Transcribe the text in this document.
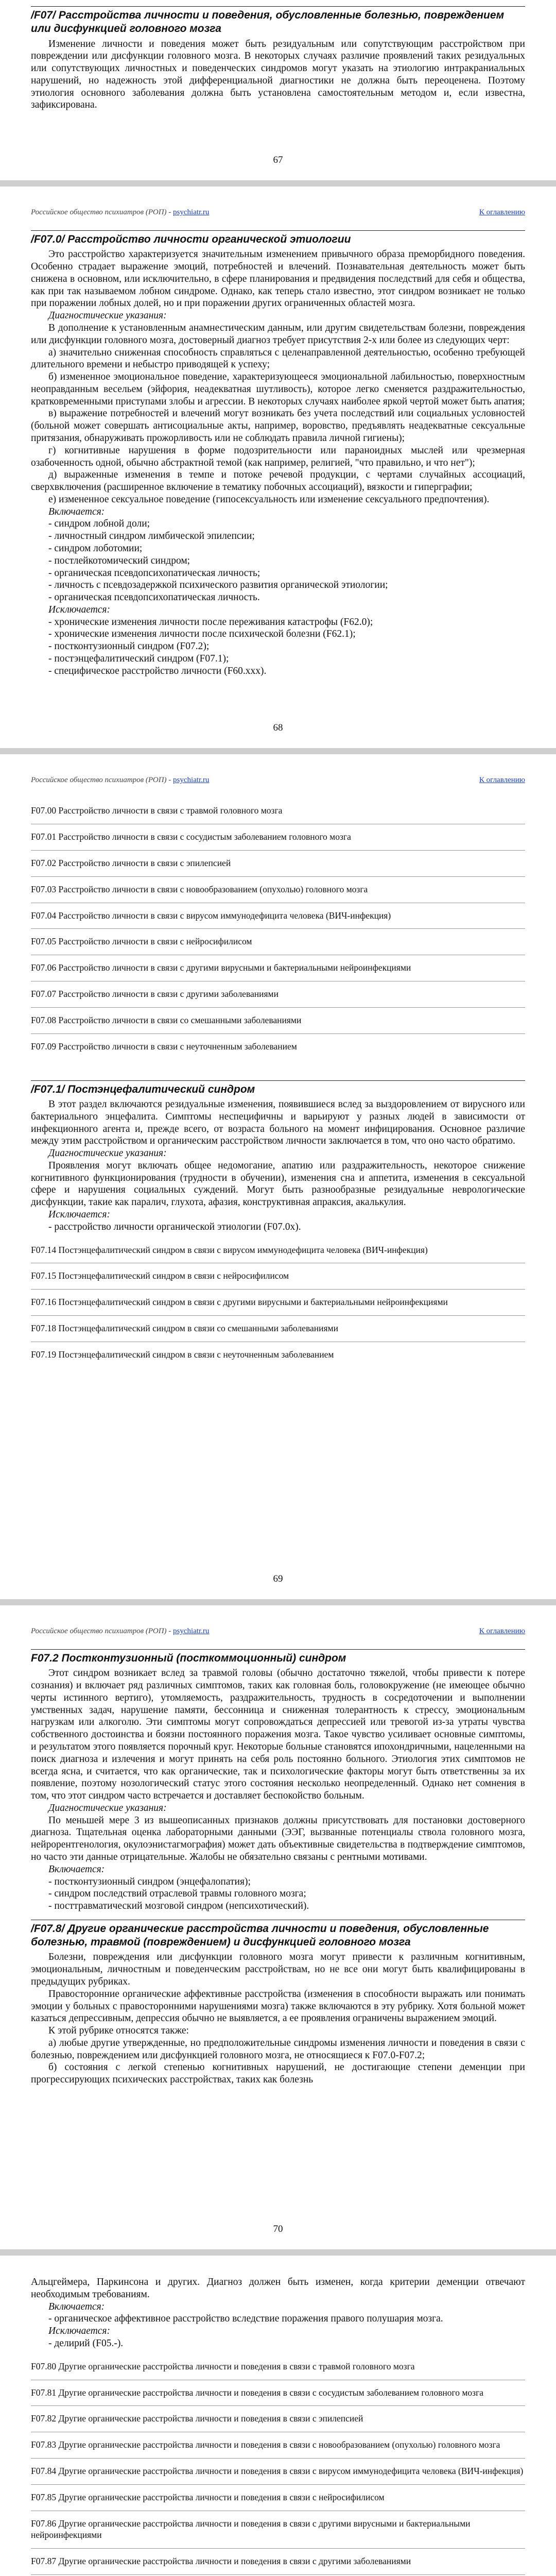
/F07/ Расстройства личности и поведения, обусловленные болезнью, повреждением или дисфункцией головного мозга

Изменение личности и поведения может быть резидуальным или сопутствующим расстройством при повреждении или дисфункции головного мозга. В некоторых случаях различие проявлений таких резидуальных или сопутствующих личностных и поведенческих синдромов могут указать на этиологию интракраниальных нарушений, но надежность этой дифференциальной диагностики не должна быть переоценена. Поэтому этиология основного заболевания должна быть установлена самостоятельным методом и, если известна, зафиксирована.

67
Российское общество психиатров (РОП) - psychiatr.ru	К оглавлению
/F07.0/ Расстройство личности органической этиологии

Это расстройство характеризуется значительным изменением привычного образа преморбидного поведения. Особенно страдает выражение эмоций, потребностей и влечений. Познавательная деятельность может быть снижена в основном, или исключительно, в сфере планирования и предвидения последствий для себя и общества, как при так называемом лобном синдроме. Однако, как теперь стало известно, этот синдром возникает не только при поражении лобных долей, но и при поражении других ограниченных областей мозга.

Диагностические указания:

В дополнение к установленным анамнестическим данным, или другим свидетельствам болезни, повреждения или дисфункции головного мозга, достоверный диагноз требует присутствия 2-х или более из следующих черт:

а) значительно сниженная способность справляться с целенаправленной деятельностью, особенно требующей длительного времени и небыстро приводящей к успеху;

б) измененное эмоциональное поведение, характеризующееся эмоциональной лабильностью, поверхностным неоправданным весельем (эйфория, неадекватная шутливость), которое легко сменяется раздражительностью, кратковременными приступами злобы и агрессии. В некоторых случаях наиболее яркой чертой может быть апатия;

в) выражение потребностей и влечений могут возникать без учета последствий или социальных условностей (больной может совершать антисоциальные акты, например, воровство, предъявлять неадекватные сексуальные притязания, обнаруживать прожорливость или не соблюдать правила личной гигиены);

г) когнитивные нарушения в форме подозрительности или параноидных мыслей или чрезмерная озабоченность одной, обычно абстрактной темой (как например, религией, "что правильно, и что нет");

д) выраженные изменения в темпе и потоке речевой продукции, с чертами случайных ассоциаций, сверхвключения (расширенное включение в тематику побочных ассоциаций), вязкости и гиперграфии;

е) измененное сексуальное поведение (гипосексуальность или изменение сексуального предпочтения).

Включается:

- синдром лобной доли;

- личностный синдром лимбической эпилепсии;

- синдром лоботомии;

- постлейкотомический синдром;

- органическая псевдопсихопатическая личность;

- личность с псевдозадержкой психического развития органической этиологии;

- органическая псевдопсихопатическая личность.

Исключается:

- хронические изменения личности после переживания катастрофы (F62.0);

- хронические изменения личности после психической болезни (F62.1);

- постконтузионный синдром (F07.2);

- постэнцефалитический синдром (F07.1);

- специфическое расстройство личности (F60.xxx).

68
Российское общество психиатров (РОП) - psychiatr.ru	К оглавлению

F07.00 Расстройство личности в связи с травмой головного мозга

F07.01 Расстройство личности в связи с сосудистым заболеванием головного мозга

F07.02 Расстройство личности в связи с эпилепсией

F07.03 Расстройство личности в связи с новообразованием (опухолью) головного мозга

F07.04 Расстройство личности в связи с вирусом иммунодефицита человека (ВИЧ-инфекция)

F07.05 Расстройство личности в связи с нейросифилисом

F07.06 Расстройство личности в связи с другими вирусными и бактериальными нейроинфекциями

F07.07 Расстройство личности в связи с другими заболеваниями

F07.08 Расстройство личности в связи со смешанными заболеваниями

F07.09 Расстройство личности в связи с неуточненным заболеванием

/F07.1/ Постэнцефалитический синдром

В этот раздел включаются резидуальные изменения, появившиеся вслед за выздоровлением от вирусного или бактериального энцефалита. Симптомы неспецифичны и варьируют у разных людей в зависимости от инфекционного агента и, прежде всего, от возраста больного на момент инфицирования. Основное различие между этим расстройством и органическим расстройством личности заключается в том, что оно часто обратимо.

Диагностические указания:

Проявления могут включать общее недомогание, апатию или раздражительность, некоторое снижение когнитивного функционирования (трудности в обучении), изменения сна и аппетита, изменения в сексуальной сфере и нарушения социальных суждений. Могут быть разнообразные резидуальные неврологические дисфункции, такие как паралич, глухота, афазия, конструктивная апраксия, акалькулия.

Исключается:

- расстройство личности органической этиологии (F07.0x).

F07.14 Постэнцефалитический синдром в связи с вирусом иммунодефицита человека (ВИЧ-инфекция)

F07.15 Постэнцефалитический синдром в связи с нейросифилисом

F07.16 Постэнцефалитический синдром в связи с другими вирусными и бактериальными нейроинфекциями

F07.18 Постэнцефалитический синдром в связи со смешанными заболеваниями

F07.19 Постэнцефалитический синдром в связи с неуточненным заболеванием

69
Российское общество психиатров (РОП) - psychiatr.ru	К оглавлению
F07.2 Постконтузионный (посткоммоционный) синдром

Этот синдром возникает вслед за травмой головы (обычно достаточно тяжелой, чтобы привести к потере сознания) и включает ряд различных симптомов, таких как головная боль, головокружение (не имеющее обычно черты истинного вертиго), утомляемость, раздражительность, трудность в сосредоточении и выполнении умственных задач, нарушение памяти, бессонница и сниженная толерантность к стрессу, эмоциональным нагрузкам или алкоголю. Эти симптомы могут сопровождаться депрессией или тревогой из-за утраты чувства собственного достоинства и боязни постоянного поражения мозга. Такое чувство усиливает основные симптомы, и результатом этого появляется порочный круг. Некоторые больные становятся ипохондричными, нацеленными на поиск диагноза и излечения и могут принять на себя роль постоянно больного. Этиология этих симптомов не всегда ясна, и считается, что как органические, так и психологические факторы могут быть ответственны за их появление, поэтому нозологический статус этого состояния несколько неопределенный. Однако нет сомнения в том, что этот синдром часто встречается и доставляет беспокойство больным.

Диагностические указания:

По меньшей мере 3 из вышеописанных признаков должны присутствовать для постановки достоверного диагноза. Тщательная оценка лабораторными данными (ЭЭГ, вызванные потенциалы ствола головного мозга, нейрорентгенология, окулоэнистагмография) может дать объективные свидетельства в подтверждение симптомов, но часто эти данные отрицательные. Жалобы не обязательно связаны с рентными мотивами.

Включается:

- постконтузионный синдром (энцефалопатия);

- синдром последствий отраслевой травмы головного мозга;

- посттравматический мозговой синдром (непсихотический).

/F07.8/ Другие органические расстройства личности и поведения, обусловленные болезнью, травмой (повреждением) и дисфункцией головного мозга

Болезни, повреждения или дисфункции головного мозга могут привести к различным когнитивным, эмоциональным, личностным и поведенческим расстройствам, но не все они могут быть квалифицированы в предыдущих рубриках.

Правосторонние органические аффективные расстройства (изменения в способности выражать или понимать эмоции у больных с правосторонними нарушениями мозга) также включаются в эту рубрику. Хотя больной может казаться депрессивным, депрессия обычно не выявляется, а ее проявления ограничены выражением эмоций.

К этой рубрике относятся также:

а) любые другие утвержденные, но предположительные синдромы изменения личности и поведения в связи с болезнью, повреждением или дисфункцией головного мозга, не относящиеся к F07.0-F07.2;

б) состояния с легкой степенью когнитивных нарушений, не достигающие степени деменции при прогрессирующих психических расстройствах, таких как болезнь

70

Альцгеймера, Паркинсона и других. Диагноз должен быть изменен, когда критерии деменции отвечают необходимым требованиям.

Включается:

- органическое аффективное расстройство вследствие поражения правого полушария мозга.

Исключается:

- делирий (F05.-).

F07.80 Другие органические расстройства личности и поведения в связи с травмой головного мозга

F07.81 Другие органические расстройства личности и поведения в связи с сосудистым заболеванием головного мозга

F07.82 Другие органические расстройства личности и поведения в связи с эпилепсией

F07.83 Другие органические расстройства личности и поведения в связи с новообразованием (опухолью) головного мозга

F07.84 Другие органические расстройства личности и поведения в связи с вирусом иммунодефицита человека (ВИЧ-инфекция)

F07.85 Другие органические расстройства личности и поведения в связи с нейросифилисом

F07.86 Другие органические расстройства личности и поведения в связи с другими вирусными и бактериальными нейроинфекциями

F07.87 Другие органические расстройства личности и поведения в связи с другими заболеваниями
